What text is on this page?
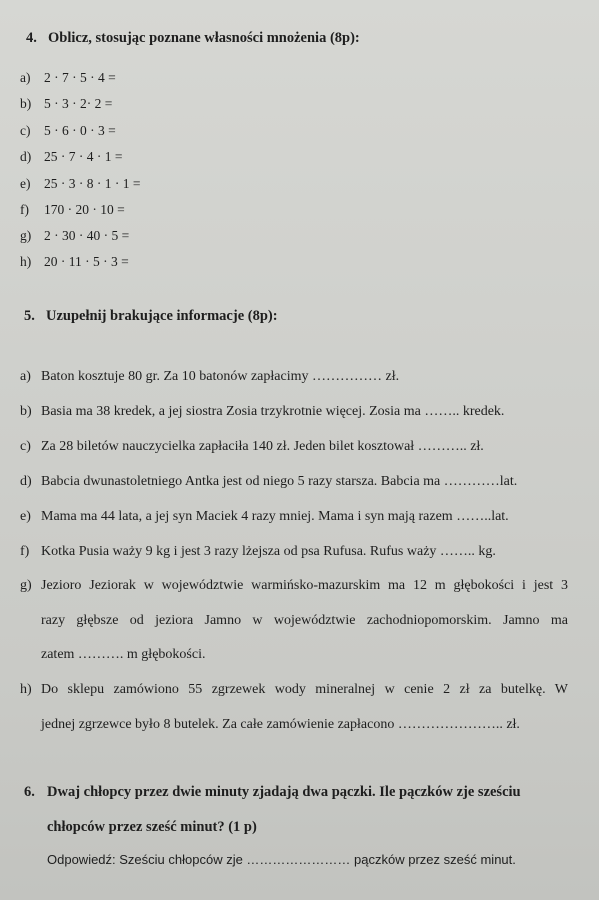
4. Oblicz, stosując poznane własności mnożenia (8p):
a) 2 · 7 · 5 · 4 =
b) 5 · 3 · 2· 2 =
c) 5 · 6 · 0 · 3 =
d) 25 · 7 · 4 · 1 =
e) 25 · 3 · 8 · 1 · 1 =
f) 170 · 20 · 10 =
g) 2 · 30 · 40 · 5 =
h) 20 · 11 · 5 · 3 =
5. Uzupełnij brakujące informacje (8p):
a) Baton kosztuje 80 gr. Za 10 batonów zapłacimy …………… zł.
b) Basia ma 38 kredek, a jej siostra Zosia trzykrotnie więcej. Zosia ma …….. kredek.
c) Za 28 biletów nauczycielka zapłaciła 140 zł. Jeden bilet kosztował ……….. zł.
d) Babcia dwunastoletniego Antka jest od niego 5 razy starsza. Babcia ma …………lat.
e) Mama ma 44 lata, a jej syn Maciek 4 razy mniej. Mama i syn mają razem ……..lat.
f) Kotka Pusia waży 9 kg i jest 3 razy lżejsza od psa Rufusa. Rufus waży …….. kg.
g) Jezioro Jeziorak w województwie warmińsko-mazurskim ma 12 m głębokości i jest 3
razy głębsze od jeziora Jamno w województwie zachodniopomorskim. Jamno ma
zatem ………. m głębokości.
h) Do sklepu zamówiono 55 zgrzewek wody mineralnej w cenie 2 zł za butelkę. W
jednej zgrzewce było 8 butelek. Za całe zamówienie zapłacono ………………….. zł.
6. Dwaj chłopcy przez dwie minuty zjadają dwa pączki. Ile pączków zje sześciu
chłopców przez sześć minut? (1 p)
Odpowiedź: Sześciu chłopców zje …………………… pączków przez sześć minut.
